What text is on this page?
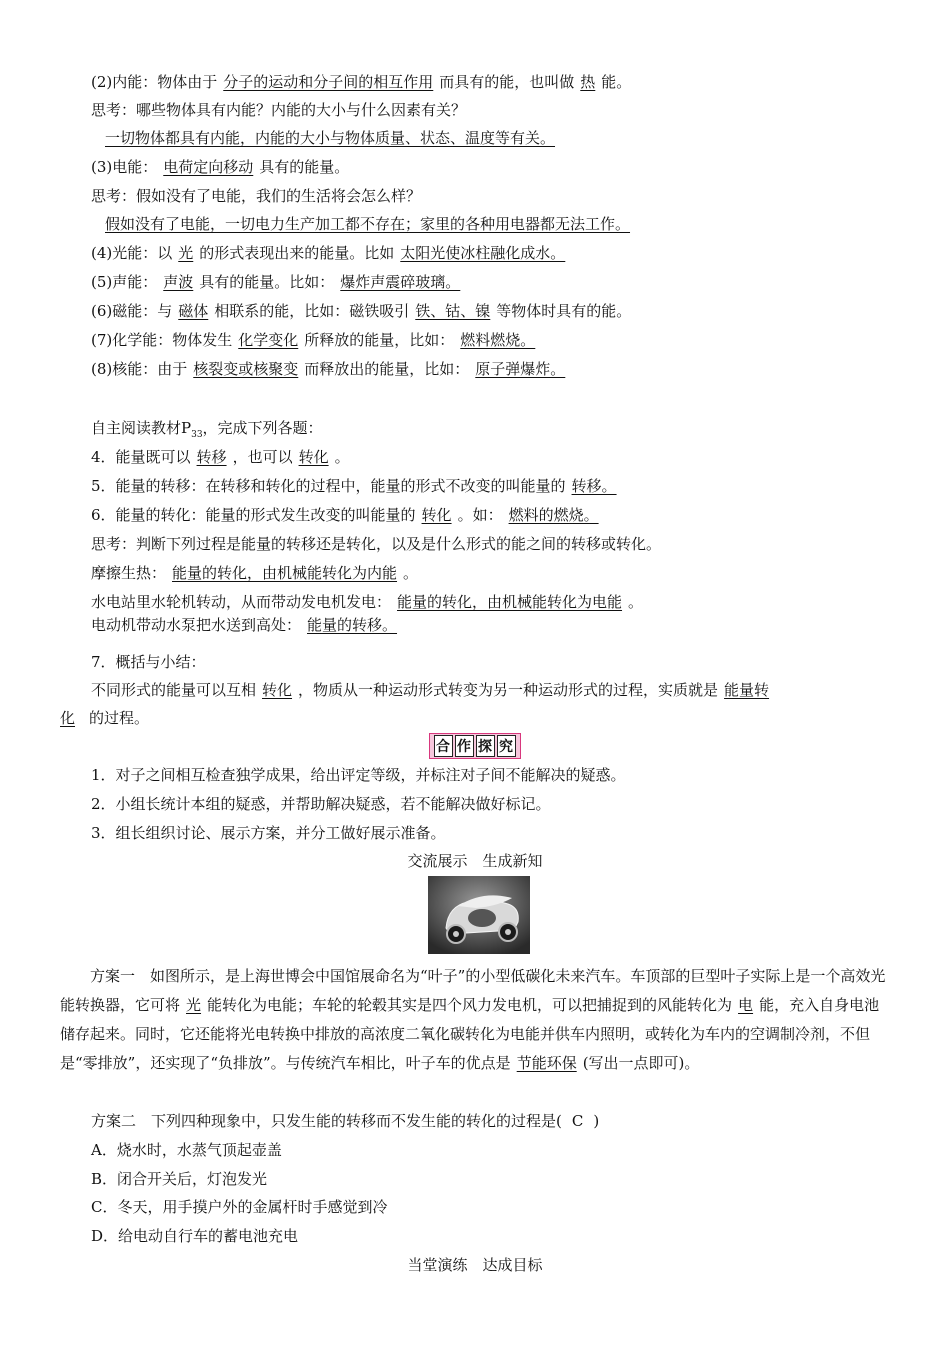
(2)内能：物体由于 分子的运动和分子间的相互作用 而具有的能，也叫做 热 能。
思考：哪些物体具有内能？内能的大小与什么因素有关？
一切物体都具有内能，内能的大小与物体质量、状态、温度等有关。
(3)电能： 电荷定向移动 具有的能量。
思考：假如没有了电能，我们的生活将会怎么样？
假如没有了电能，一切电力生产加工都不存在；家里的各种用电器都无法工作。
(4)光能：以 光 的形式表现出来的能量。比如 太阳光使冰柱融化成水。
(5)声能： 声波 具有的能量。比如： 爆炸声震碎玻璃。
(6)磁能：与 磁体 相联系的能，比如：磁铁吸引 铁、钴、镍 等物体时具有的能。
(7)化学能：物体发生 化学变化 所释放的能量，比如： 燃料燃烧。
(8)核能：由于 核裂变或核聚变 而释放出的能量，比如： 原子弹爆炸。
自主阅读教材$P_{33}$，完成下列各题：
4．能量既可以 转移 ，也可以 转化 。
5．能量的转移：在转移和转化的过程中，能量的形式不改变的叫能量的 转移。
6．能量的转化：能量的形式发生改变的叫能量的 转化 。如： 燃料的燃烧。
思考：判断下列过程是能量的转移还是转化，以及是什么形式的能之间的转移或转化。
摩擦生热： 能量的转化，由机械能转化为内能 。
水电站里水轮机转动，从而带动发电机发电： 能量的转化，由机械能转化为电能 。
电动机带动水泵把水送到高处： 能量的转移。
7．概括与小结：
不同形式的能量可以互相 转化 ，物质从一种运动形式转变为另一种运动形式的过程，实质就是 能量转
化 的过程。
合 作 探 究
1．对子之间相互检查独学成果，给出评定等级，并标注对子间不能解决的疑惑。
2．小组长统计本组的疑惑，并帮助解决疑惑，若不能解决做好标记。
3．组长组织讨论、展示方案，并分工做好展示准备。
交流展示　生成新知
方案一　如图所示，是上海世博会中国馆展命名为“叶子”的小型低碳化未来汽车。车顶部的巨型叶子实际上是一个高效光能转换器，它可将 光 能转化为电能；车轮的轮毂其实是四个风力发电机，可以把捕捉到的风能转化为 电 能，充入自身电池储存起来。同时，它还能将光电转换中排放的高浓度二氧化碳转化为电能并供车内照明，或转化为车内的空调制冷剂，不但是“零排放”，还实现了“负排放”。与传统汽车相比，叶子车的优点是 节能环保 (写出一点即可)。
方案二　下列四种现象中，只发生能的转移而不发生能的转化的过程是( C )
A．烧水时，水蒸气顶起壶盖
B．闭合开关后，灯泡发光
C．冬天，用手摸户外的金属杆时手感觉到冷
D．给电动自行车的蓄电池充电
当堂演练　达成目标
